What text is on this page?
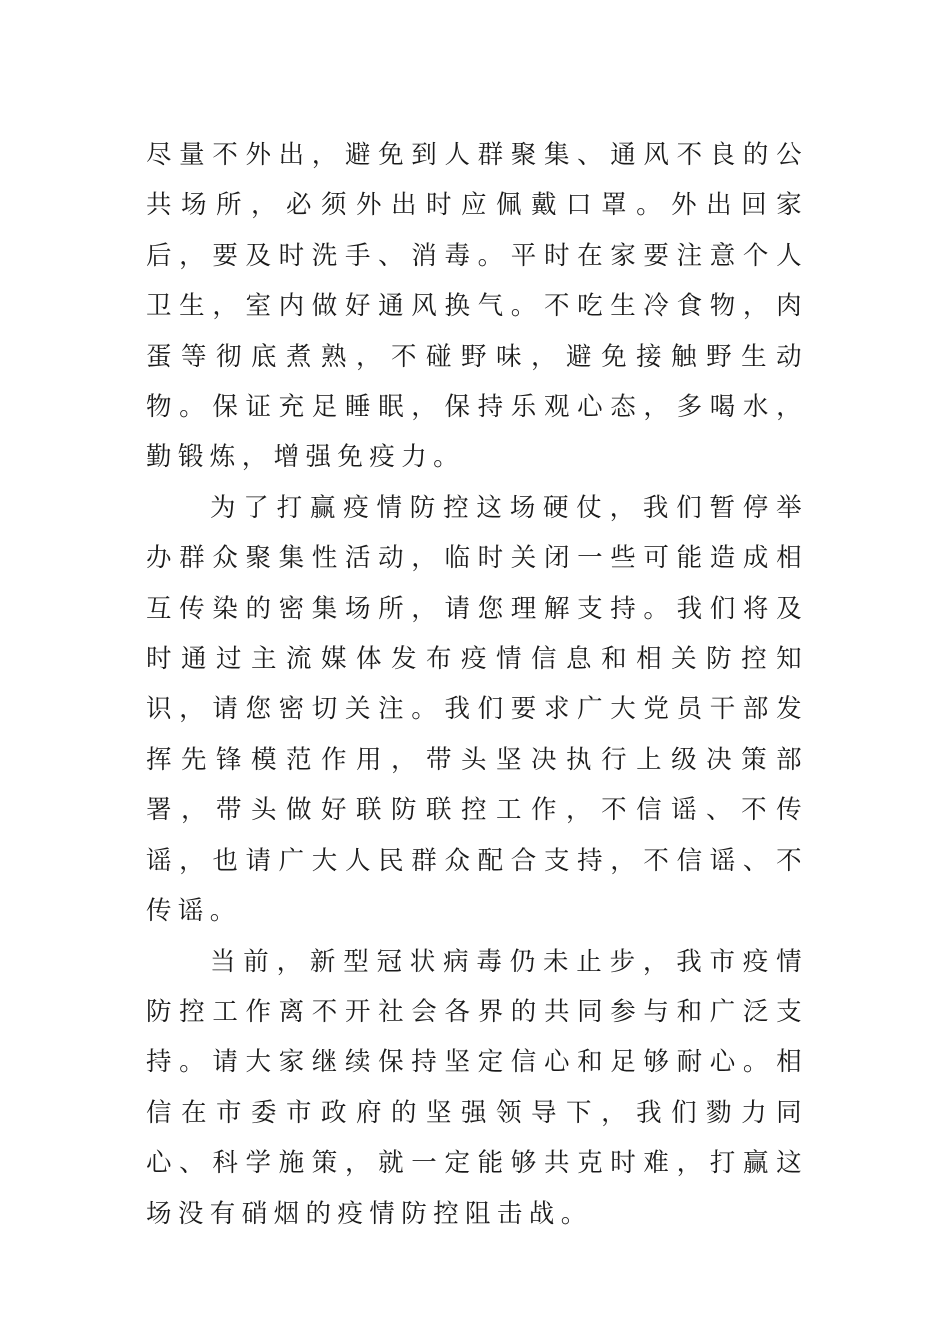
尽量不外出，避免到人群聚集、通风不良的公共场所，必须外出时应佩戴口罩。外出回家后，要及时洗手、消毒。平时在家要注意个人卫生，室内做好通风换气。不吃生冷食物，肉蛋等彻底煮熟，不碰野味，避免接触野生动物。保证充足睡眠，保持乐观心态，多喝水，勤锻炼，增强免疫力。

为了打赢疫情防控这场硬仗，我们暂停举办群众聚集性活动，临时关闭一些可能造成相互传染的密集场所，请您理解支持。我们将及时通过主流媒体发布疫情信息和相关防控知识，请您密切关注。我们要求广大党员干部发挥先锋模范作用，带头坚决执行上级决策部署，带头做好联防联控工作，不信谣、不传谣，也请广大人民群众配合支持，不信谣、不传谣。

当前，新型冠状病毒仍未止步，我市疫情防控工作离不开社会各界的共同参与和广泛支持。请大家继续保持坚定信心和足够耐心。相信在市委市政府的坚强领导下，我们勠力同心、科学施策，就一定能够共克时难，打赢这场没有硝烟的疫情防控阻击战。
